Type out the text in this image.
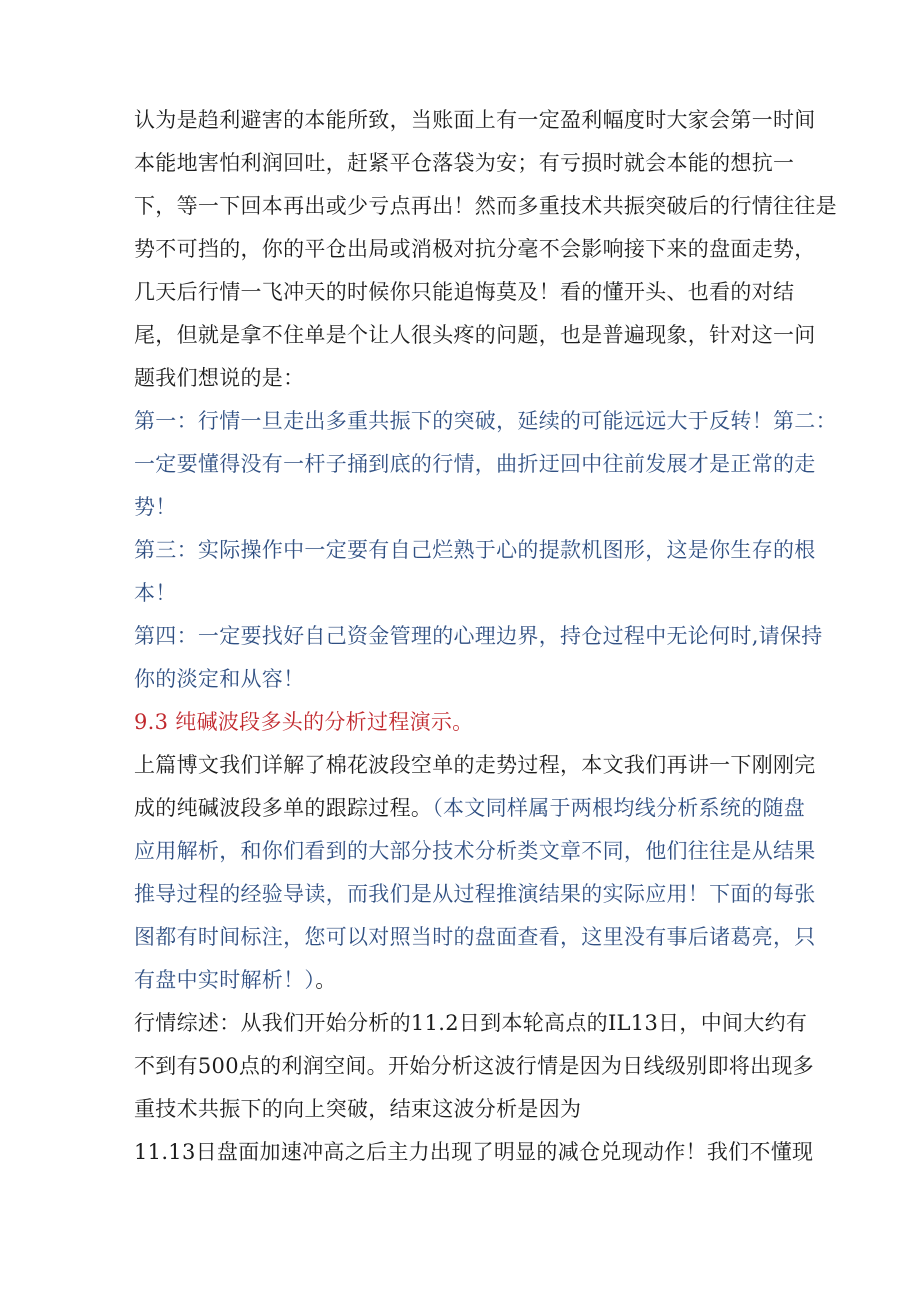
认为是趋利避害的本能所致，当账面上有一定盈利幅度时大家会第一时间
本能地害怕利润回吐，赶紧平仓落袋为安；有亏损时就会本能的想抗一
下，等一下回本再出或少亏点再出！然而多重技术共振突破后的行情往往是
势不可挡的，你的平仓出局或消极对抗分毫不会影响接下来的盘面走势，
几天后行情一飞冲天的时候你只能追悔莫及！看的懂开头、也看的对结
尾，但就是拿不住单是个让人很头疼的问题，也是普遍现象，针对这一问
题我们想说的是：
第一：行情一旦走出多重共振下的突破，延续的可能远远大于反转！第二：
一定要懂得没有一杆子捅到底的行情，曲折迂回中往前发展才是正常的走
势！
第三：实际操作中一定要有自己烂熟于心的提款机图形，这是你生存的根
本！
第四：一定要找好自己资金管理的心理边界，持仓过程中无论何时,请保持
你的淡定和从容！
9.3 纯碱波段多头的分析过程演示。
上篇博文我们详解了棉花波段空单的走势过程，本文我们再讲一下刚刚完
成的纯碱波段多单的跟踪过程。（本文同样属于两根均线分析系统的随盘
应用解析，和你们看到的大部分技术分析类文章不同，他们往往是从结果
推导过程的经验导读，而我们是从过程推演结果的实际应用！下面的每张
图都有时间标注，您可以对照当时的盘面查看，这里没有事后诸葛亮，只
有盘中实时解析！）。
行情综述：从我们开始分析的11.2日到本轮高点的IL13日，中间大约有
不到有500点的利润空间。开始分析这波行情是因为日线级别即将出现多
重技术共振下的向上突破，结束这波分析是因为
11.13日盘面加速冲高之后主力出现了明显的减仓兑现动作！我们不懂现
